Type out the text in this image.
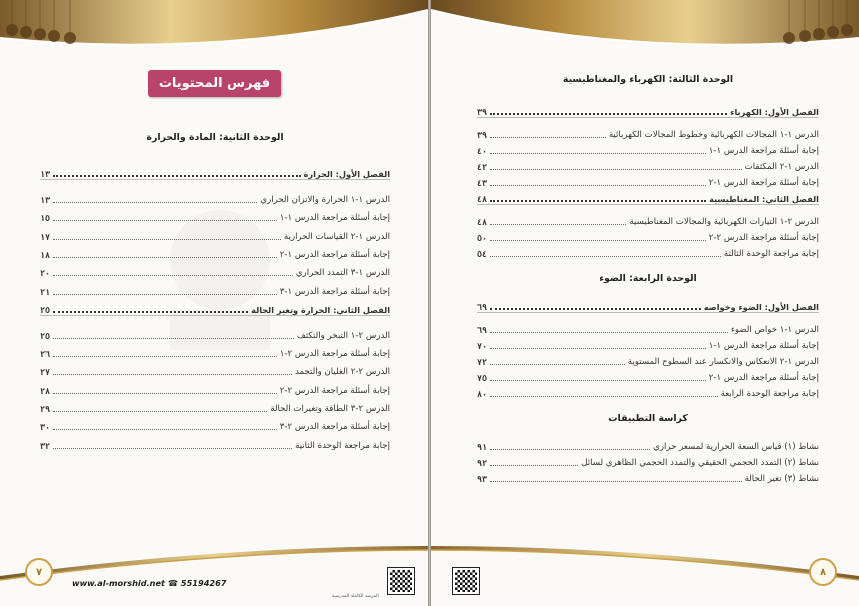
فهرس المحتويات
الوحدة الثانية: المادة والحرارة
الفصل الأول: الحرارة
١٣
الدرس ١-١ الحرارة والاتزان الحراري
١٣
إجابة أسئلة مراجعة الدرس ١-١
١٥
الدرس ١-٢ القياسات الحرارية
١٧
إجابة أسئلة مراجعة الدرس ١-٢
١٨
الدرس ١-٣ التمدد الحراري
٢٠
إجابة أسئلة مراجعة الدرس ١-٣
٢١
الفصل الثاني: الحرارة وتغير الحالة
٢٥
الدرس ٢-١ التبخر والتكثف
٢٥
إجابة أسئلة مراجعة الدرس ٢-١
٢٦
الدرس ٢-٢ الغليان والتجمد
٢٧
إجابة أسئلة مراجعة الدرس ٢-٢
٢٨
الدرس ٢-٣ الطاقة وتغيرات الحالة
٢٩
إجابة أسئلة مراجعة الدرس ٢-٣
٣٠
إجابة مراجعة الوحدة الثانية
٣٢
٧
www.al-morshid.net ☎ 55194267
المرشد الكاملة المدرسية
الوحدة الثالثة: الكهرباء والمغناطيسية
الفصل الأول: الكهرباء
٣٩
الدرس ١-١ المجالات الكهربائية وخطوط المجالات الكهربائية
٣٩
إجابة أسئلة مراجعة الدرس ١-١
٤٠
الدرس ١-٢ المكثفات
٤٢
إجابة أسئلة مراجعة الدرس ١-٢
٤٣
الفصل الثاني: المغناطيسية
٤٨
الدرس ٢-١ التيارات الكهربائية والمجالات المغناطيسية
٤٨
إجابة أسئلة مراجعة الدرس ٢-٢
٥٠
إجابة مراجعة الوحدة الثالثة
٥٤
الوحدة الرابعة: الضوء
الفصل الأول: الضوء وخواصه
٦٩
الدرس ١-١ خواص الضوء
٦٩
إجابة أسئلة مراجعة الدرس ١-١
٧٠
الدرس ١-٢ الانعكاس والانكسار عند السطوح المستوية
٧٢
إجابة أسئلة مراجعة الدرس ١-٢
٧٥
إجابة مراجعة الوحدة الرابعة
٨٠
كراسة التطبيقات
نشاط (١) قياس السعة الحرارية لمسعر حراري
٩١
نشاط (٢) التمدد الحجمي الحقيقي والتمدد الحجمي الظاهري لسائل
٩٢
نشاط (٣) تغير الحالة
٩٣
٨
